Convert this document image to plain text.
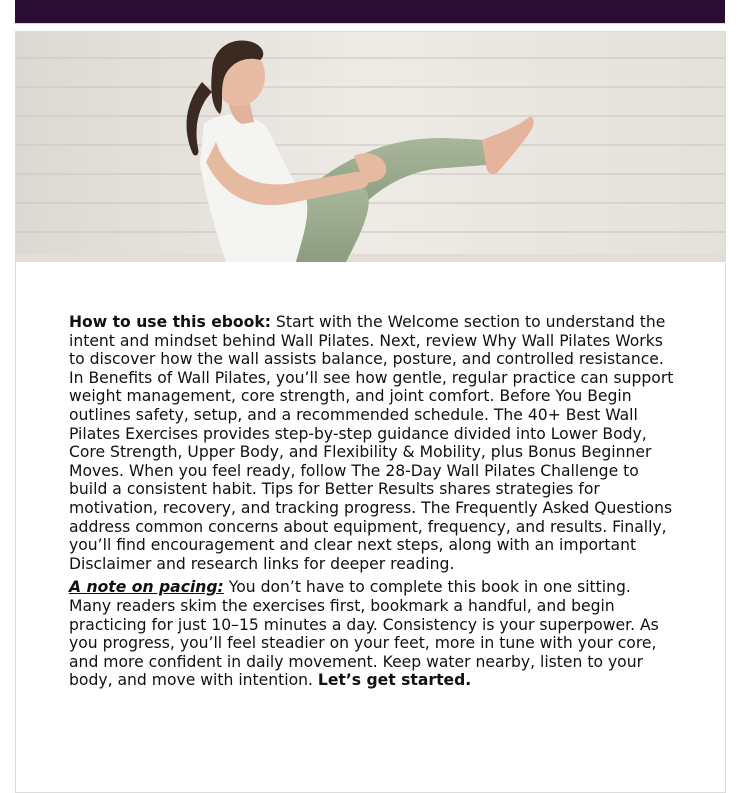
How to use this ebook: Start with the Welcome section to understand the intent and mindset behind Wall Pilates. Next, review Why Wall Pilates Works to discover how the wall assists balance, posture, and controlled resistance. In Benefits of Wall Pilates, you’ll see how gentle, regular practice can support weight management, core strength, and joint comfort. Before You Begin outlines safety, setup, and a recommended schedule. The 40+ Best Wall Pilates Exercises provides step-by-step guidance divided into Lower Body, Core Strength, Upper Body, and Flexibility & Mobility, plus Bonus Beginner Moves. When you feel ready, follow The 28-Day Wall Pilates Challenge to build a consistent habit. Tips for Better Results shares strategies for motivation, recovery, and tracking progress. The Frequently Asked Questions address common concerns about equipment, frequency, and results. Finally, you’ll find encouragement and clear next steps, along with an important Disclaimer and research links for deeper reading.

A note on pacing: You don’t have to complete this book in one sitting. Many readers skim the exercises first, bookmark a handful, and begin practicing for just 10–15 minutes a day. Consistency is your superpower. As you progress, you’ll feel steadier on your feet, more in tune with your core, and more confident in daily movement. Keep water nearby, listen to your body, and move with intention. Let’s get started.
